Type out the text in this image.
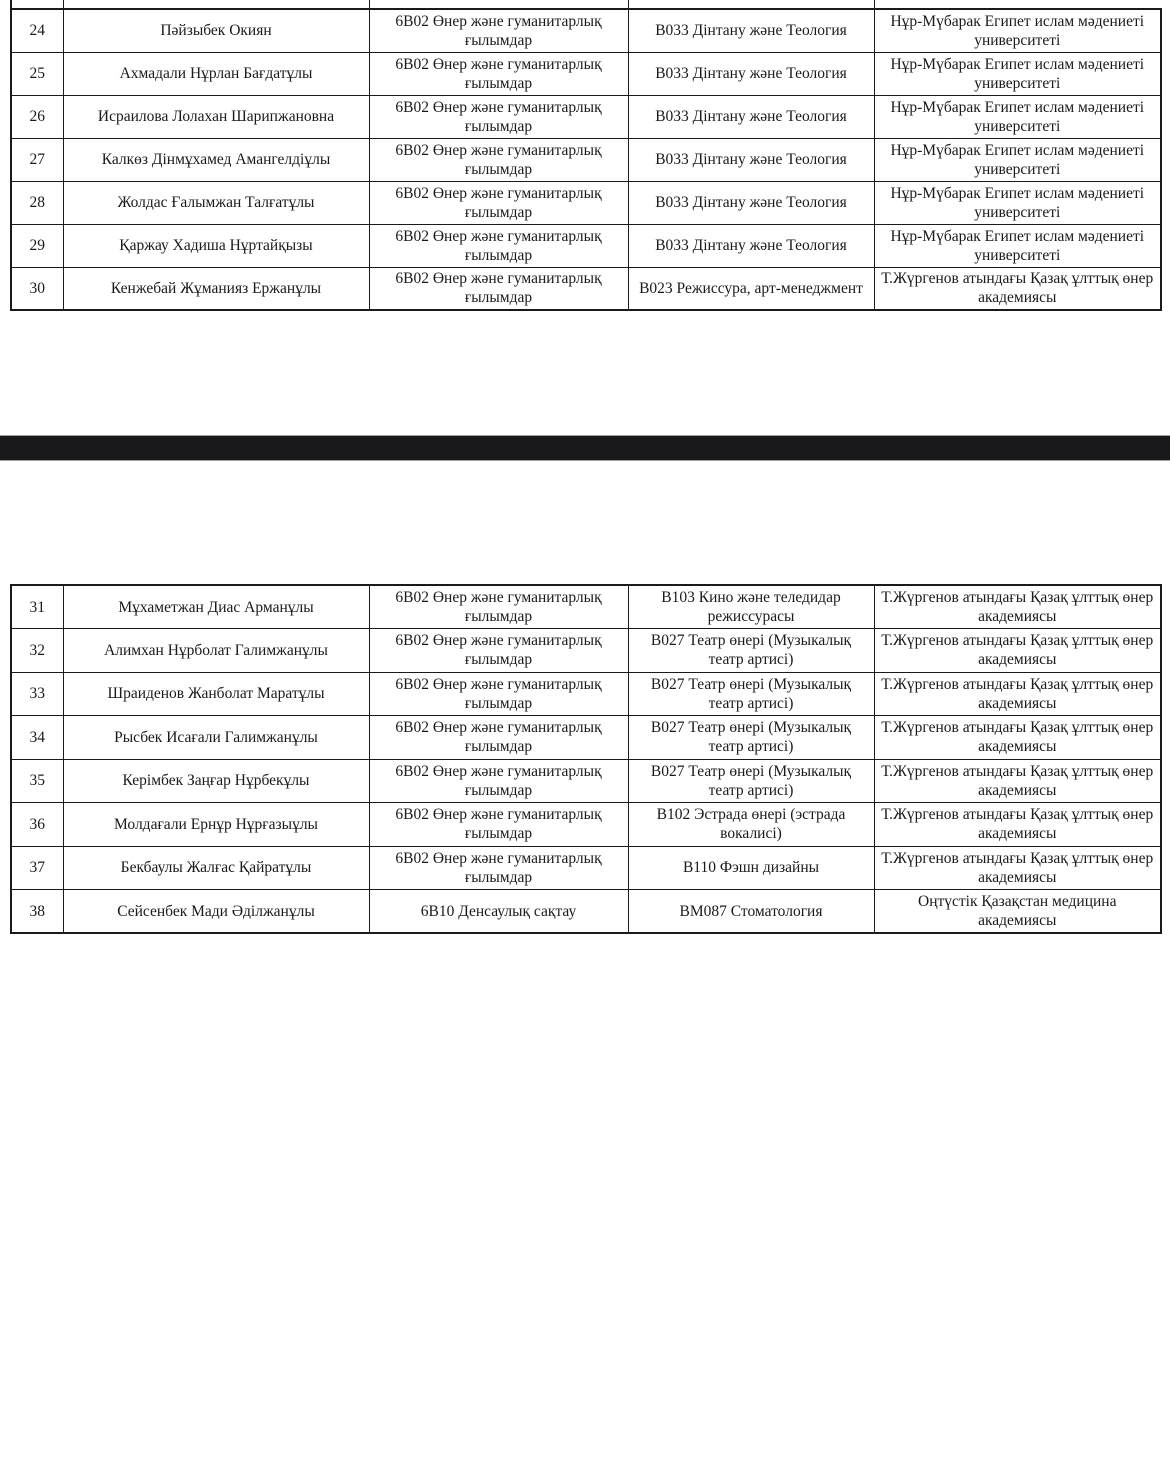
24	Пәйзыбек Окиян	6В02 Өнер және гуманитарлық ғылымдар	В033 Дінтану және Теология	Нұр-Мүбарак Египет ислам мәдениеті университеті
25	Ахмадали Нұрлан Бағдатұлы	6В02 Өнер және гуманитарлық ғылымдар	В033 Дінтану және Теология	Нұр-Мүбарак Египет ислам мәдениеті университеті
26	Исраилова Лолахан Шарипжановна	6В02 Өнер және гуманитарлық ғылымдар	В033 Дінтану және Теология	Нұр-Мүбарак Египет ислам мәдениеті университеті
27	Калкөз Дінмұхамед Амангелдіұлы	6В02 Өнер және гуманитарлық ғылымдар	В033 Дінтану және Теология	Нұр-Мүбарак Египет ислам мәдениеті университеті
28	Жолдас Ғалымжан Талғатұлы	6В02 Өнер және гуманитарлық ғылымдар	В033 Дінтану және Теология	Нұр-Мүбарак Египет ислам мәдениеті университеті
29	Қаржау Хадиша Нұртайқызы	6В02 Өнер және гуманитарлық ғылымдар	В033 Дінтану және Теология	Нұр-Мүбарак Египет ислам мәдениеті университеті
30	Кенжебай Жұманияз Ержанұлы	6В02 Өнер және гуманитарлық ғылымдар	В023 Режиссура, арт-менеджмент	Т.Жүргенов атындағы Қазақ ұлттық өнер академиясы
31	Мұхаметжан Диас Арманұлы	6В02 Өнер және гуманитарлық ғылымдар	В103 Кино және теледидар режиссурасы	Т.Жүргенов атындағы Қазақ ұлттық өнер академиясы
32	Алимхан Нұрболат Галимжанұлы	6В02 Өнер және гуманитарлық ғылымдар	В027 Театр өнері (Музыкалық театр артисі)	Т.Жүргенов атындағы Қазақ ұлттық өнер академиясы
33	Шраиденов Жанболат Маратұлы	6В02 Өнер және гуманитарлық ғылымдар	В027 Театр өнері (Музыкалық театр артисі)	Т.Жүргенов атындағы Қазақ ұлттық өнер академиясы
34	Рысбек Исағали Галимжанұлы	6В02 Өнер және гуманитарлық ғылымдар	В027 Театр өнері (Музыкалық театр артисі)	Т.Жүргенов атындағы Қазақ ұлттық өнер академиясы
35	Керімбек Заңғар Нұрбекұлы	6В02 Өнер және гуманитарлық ғылымдар	В027 Театр өнері (Музыкалық театр артисі)	Т.Жүргенов атындағы Қазақ ұлттық өнер академиясы
36	Молдағали Ернұр Нұрғазыұлы	6В02 Өнер және гуманитарлық ғылымдар	В102 Эстрада өнері (эстрада вокалисі)	Т.Жүргенов атындағы Қазақ ұлттық өнер академиясы
37	Бекбаулы Жалғас Қайратұлы	6В02 Өнер және гуманитарлық ғылымдар	В110 Фэшн дизайны	Т.Жүргенов атындағы Қазақ ұлттық өнер академиясы
38	Сейсенбек Мади Әділжанұлы	6В10 Денсаулық сақтау	ВМ087 Стоматология	Оңтүстік Қазақстан медицина академиясы
